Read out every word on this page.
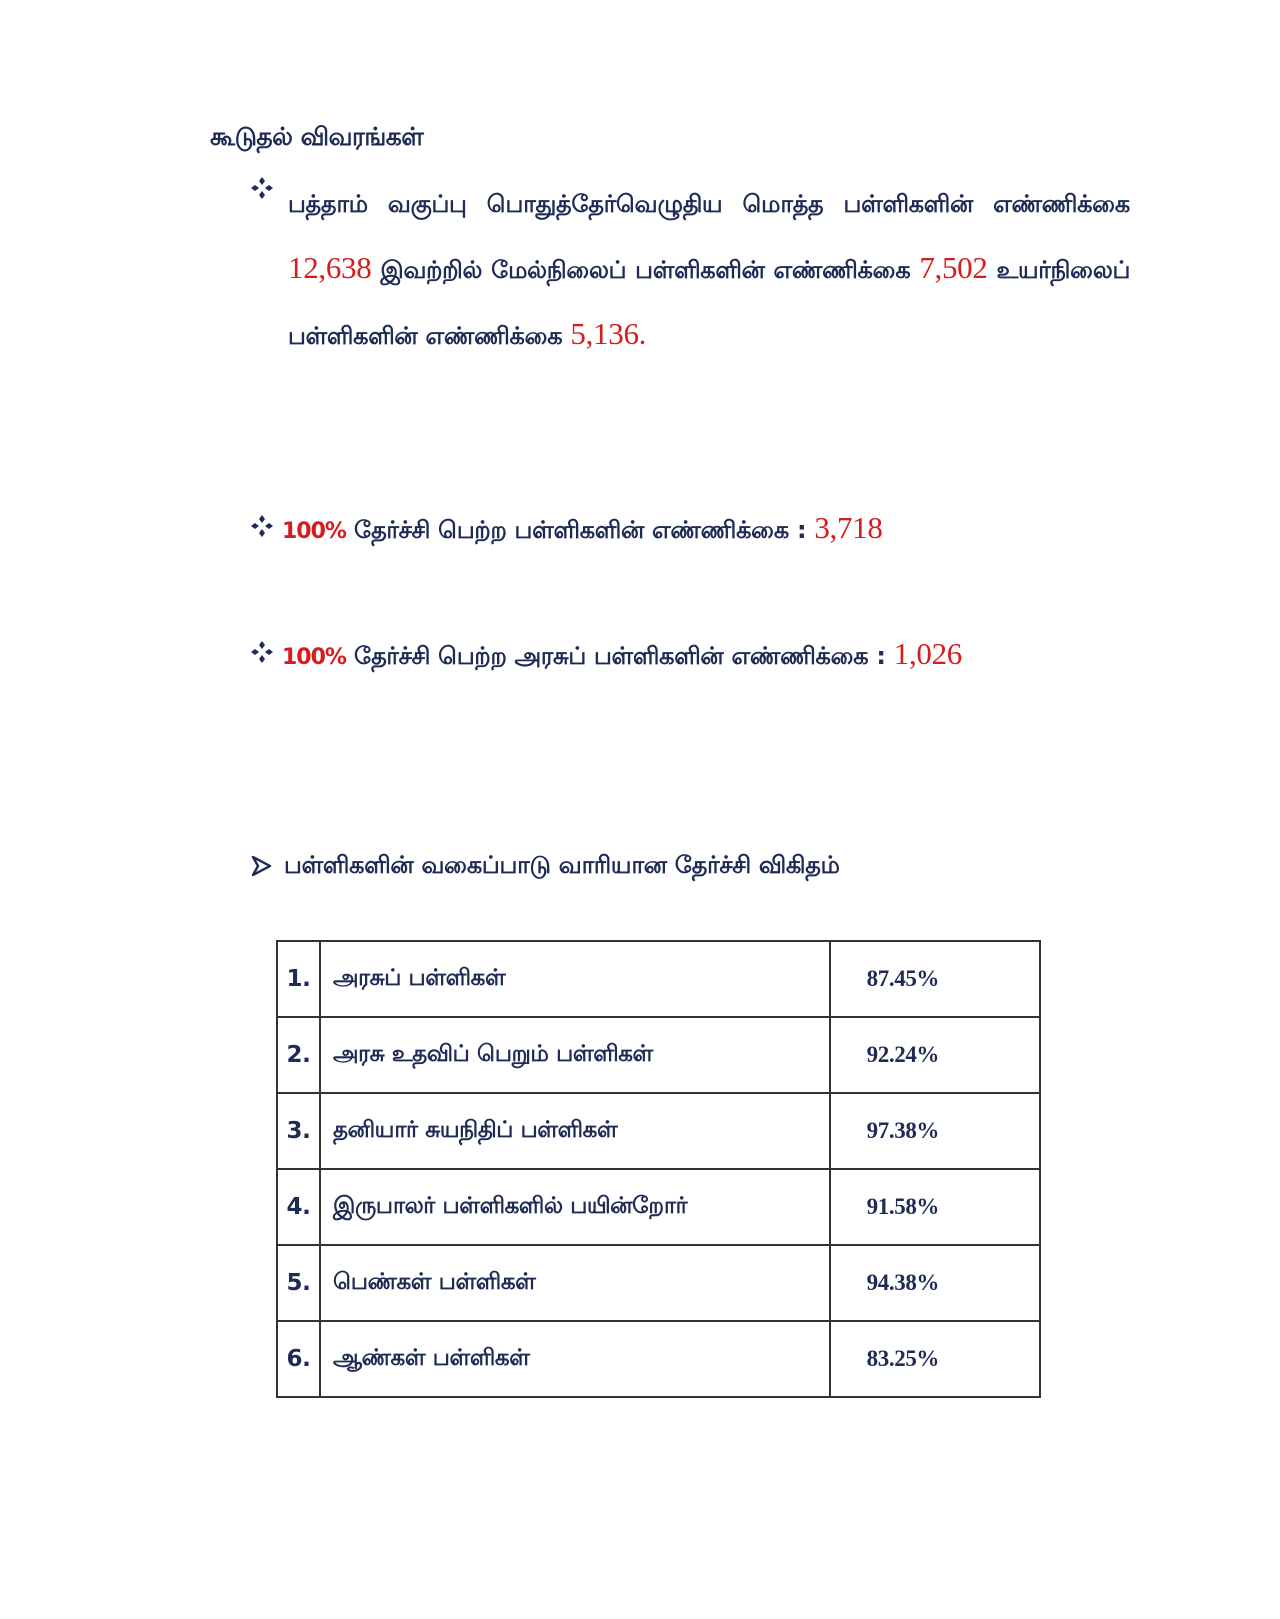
கூடுதல் விவரங்கள்
பத்தாம் வகுப்பு பொதுத்தேர்வெழுதிய மொத்த பள்ளிகளின் எண்ணிக்கை 12,638 இவற்றில் மேல்நிலைப் பள்ளிகளின் எண்ணிக்கை 7,502 உயர்நிலைப் பள்ளிகளின் எண்ணிக்கை 5,136.
100% தேர்ச்சி பெற்ற பள்ளிகளின் எண்ணிக்கை : 3,718
100% தேர்ச்சி பெற்ற அரசுப் பள்ளிகளின் எண்ணிக்கை : 1,026
பள்ளிகளின் வகைப்பாடு வாரியான தேர்ச்சி விகிதம்
1.	அரசுப் பள்ளிகள்	87.45%
2.	அரசு உதவிப் பெறும் பள்ளிகள்	92.24%
3.	தனியார் சுயநிதிப் பள்ளிகள்	97.38%
4.	இருபாலர் பள்ளிகளில் பயின்றோர்	91.58%
5.	பெண்கள் பள்ளிகள்	94.38%
6.	ஆண்கள் பள்ளிகள்	83.25%
